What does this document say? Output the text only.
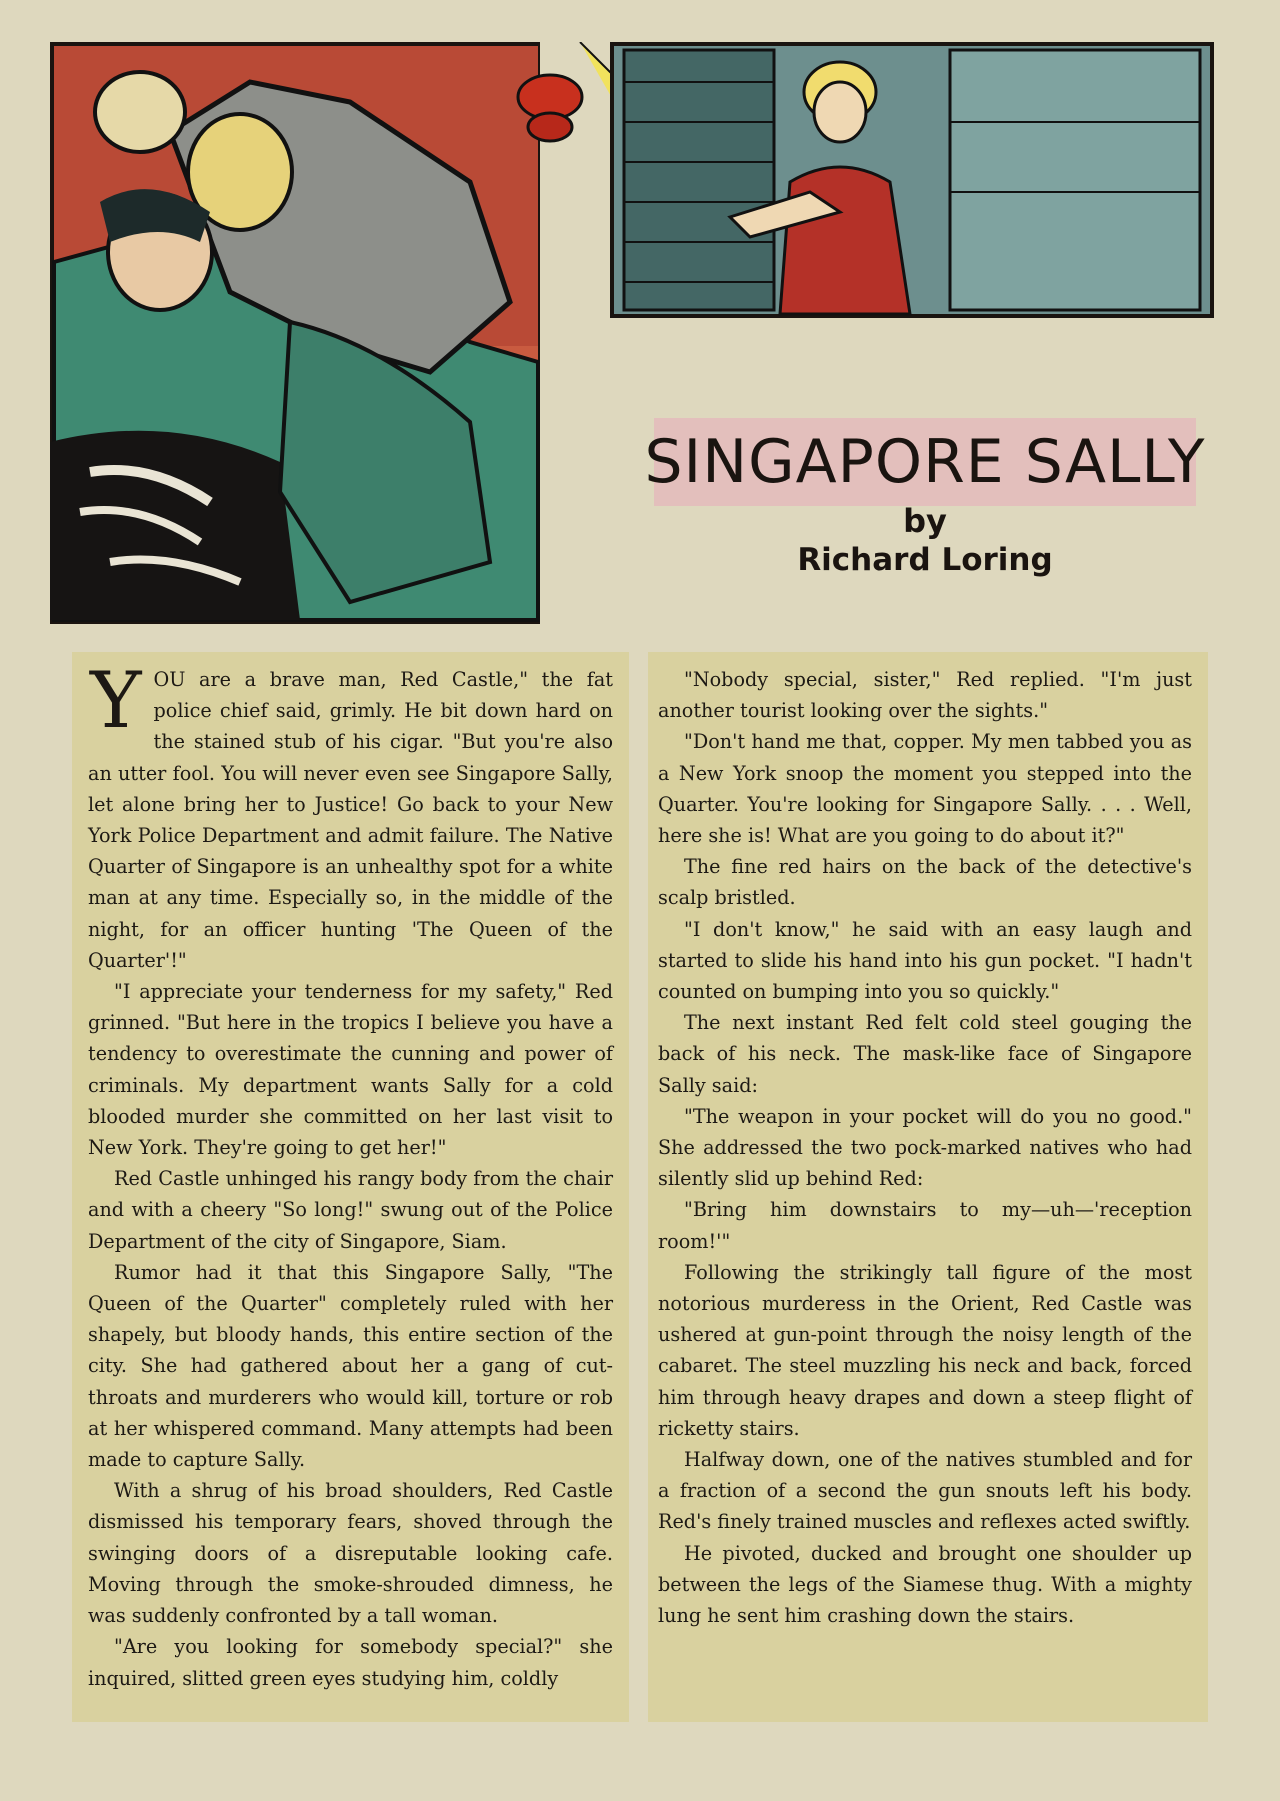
SINGAPORE SALLY
by
Richard Loring

YOU are a brave man, Red Castle," the fat police chief said, grimly. He bit down hard on the stained stub of his cigar. "But you're also an utter fool. You will never even see Singapore Sally, let alone bring her to Justice! Go back to your New York Police Department and admit failure. The Native Quarter of Singapore is an unhealthy spot for a white man at any time. Especially so, in the middle of the night, for an officer hunting 'The Queen of the Quarter'!"

"I appreciate your tenderness for my safety," Red grinned. "But here in the tropics I believe you have a tendency to overestimate the cunning and power of criminals. My department wants Sally for a cold blooded murder she committed on her last visit to New York. They're going to get her!"

Red Castle unhinged his rangy body from the chair and with a cheery "So long!" swung out of the Police Department of the city of Singapore, Siam.

Rumor had it that this Singapore Sally, "The Queen of the Quarter" completely ruled with her shapely, but bloody hands, this entire section of the city. She had gathered about her a gang of cut-throats and murderers who would kill, torture or rob at her whispered command. Many attempts had been made to capture Sally.

With a shrug of his broad shoulders, Red Castle dismissed his temporary fears, shoved through the swinging doors of a disreputable looking cafe. Moving through the smoke-shrouded dimness, he was suddenly confronted by a tall woman.

"Are you looking for somebody special?" she inquired, slitted green eyes studying him, coldly

"Nobody special, sister," Red replied. "I'm just another tourist looking over the sights."

"Don't hand me that, copper. My men tabbed you as a New York snoop the moment you stepped into the Quarter. You're looking for Singapore Sally. . . . Well, here she is! What are you going to do about it?"

The fine red hairs on the back of the detective's scalp bristled.

"I don't know," he said with an easy laugh and started to slide his hand into his gun pocket. "I hadn't counted on bumping into you so quickly."

The next instant Red felt cold steel gouging the back of his neck. The mask-like face of Singapore Sally said:

"The weapon in your pocket will do you no good." She addressed the two pock-marked natives who had silently slid up behind Red:

"Bring him downstairs to my—uh—'reception room!'"

Following the strikingly tall figure of the most notorious murderess in the Orient, Red Castle was ushered at gun-point through the noisy length of the cabaret. The steel muzzling his neck and back, forced him through heavy drapes and down a steep flight of ricketty stairs.

Halfway down, one of the natives stumbled and for a fraction of a second the gun snouts left his body. Red's finely trained muscles and reflexes acted swiftly.

He pivoted, ducked and brought one shoulder up between the legs of the Siamese thug. With a mighty lung he sent him crashing down the stairs.
